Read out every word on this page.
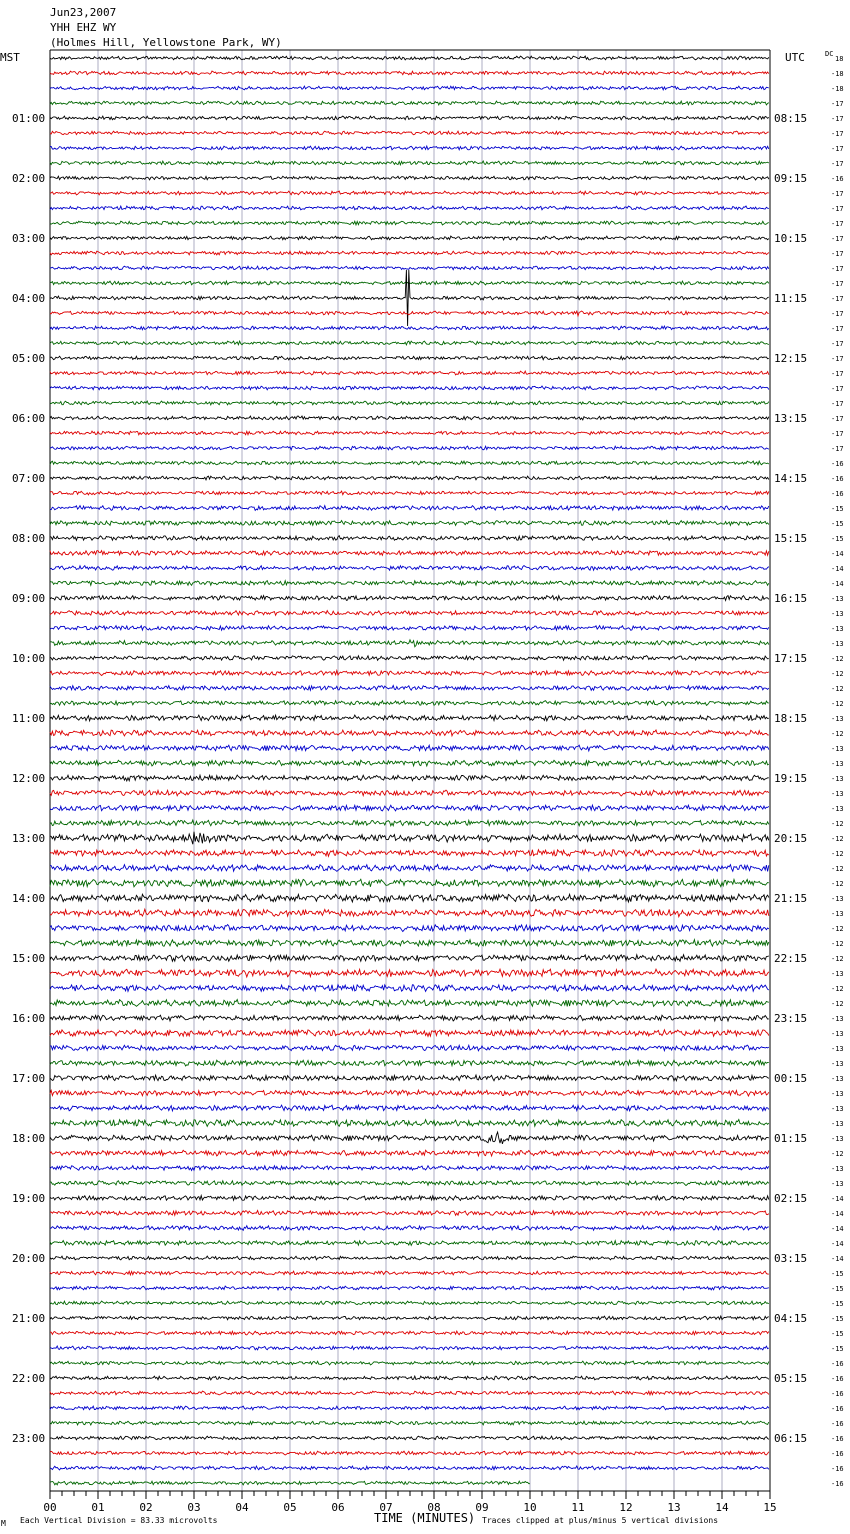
Jun23,2007
YHH EHZ WY
(Holmes Hill, Yellowstone Park, WY)
MST	UTC	DC
01:00
02:00
03:00
04:00
05:00
06:00
07:00
08:00
09:00
10:00
11:00
12:00
13:00
14:00
15:00
16:00
17:00
18:00
19:00
20:00
21:00
22:00
23:00
08:15
09:15
10:15
11:15
12:15
13:15
14:15
15:15
16:15
17:15
18:15
19:15
20:15
21:15
22:15
23:15
00:15
01:15
02:15
03:15
04:15
05:15
06:15
18
-18
-18
-17
-17
-17
-17
-17
-16
-17
-17
-17
-17
-17
-17
-17
-17
-17
-17
-17
-17
-17
-17
-17
-17
-17
-17
-16
-16
-16
-15
-15
-15
-14
-14
-14
-13
-13
-13
-13
-12
-12
-12
-12
-13
-12
-13
-13
-13
-13
-13
-12
-12
-12
-12
-12
-13
-13
-12
-12
-12
-13
-12
-12
-13
-13
-13
-13
-13
-13
-13
-13
-13
-12
-13
-13
-14
-14
-14
-14
-14
-15
-15
-15
-15
-15
-15
-16
-16
-16
-16
-16
-16
-16
-16
-16
00	01	02	03	04	05	06	07	08	09	10	11	12	13	14	15
TIME (MINUTES)
Each Vertical Division = 83.33 microvolts	Traces clipped at plus/minus 5 vertical divisions
M
